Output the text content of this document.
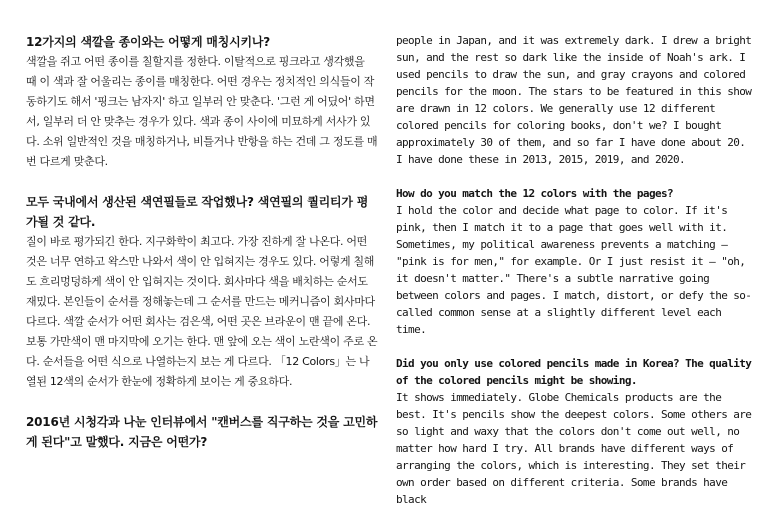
12가지의 색깔을 종이와는 어떻게 매칭시키나?

색깔을 쥐고 어떤 종이를 칠할지를 정한다. 이탈적으로 핑크라고 생각했을 때 이 색과 잘 어울리는 종이를 매칭한다. 어떤 경우는 정치적인 의식들이 작동하기도 해서 '핑크는 남자지' 하고 일부러 안 맞춘다. '그런 게 어딨어' 하면서, 일부러 더 안 맞추는 경우가 있다. 색과 종이 사이에 미묘하게 서사가 있다. 소위 일반적인 것을 매칭하거나, 비틀거나 반항을 하는 건데 그 정도를 매번 다르게 맞춘다.

모두 국내에서 생산된 색연필들로 작업했나? 색연필의 퀄리티가 평가될 것 같다.

질이 바로 평가되긴 한다. 지구화학이 최고다. 가장 진하게 잘 나온다. 어떤 것은 너무 연하고 왁스만 나와서 색이 안 입혀지는 경우도 있다. 어렇게 칠해도 흐리멍덩하게 색이 안 입혀지는 것이다. 회사마다 색을 배치하는 순서도 재밌다. 본인들이 순서를 정해놓는데 그 순서를 만드는 메커니즘이 회사마다 다르다. 색깔 순서가 어떤 회사는 검은색, 어떤 곳은 브라운이 맨 끝에 온다. 보통 가만색이 맨 마지막에 오기는 한다. 맨 앞에 오는 색이 노란색이 주로 온다. 순서들을 어떤 식으로 나열하는지 보는 게 다르다. 「12 Colors」는 나열된 12색의 순서가 한눈에 정확하게 보이는 게 중요하다.

2016년 시청각과 나눈 인터뷰에서 "캔버스를 직구하는 것을 고민하게 된다"고 말했다. 지금은 어떤가?

people in Japan, and it was extremely dark. I drew a bright sun, and the rest so dark like the inside of Noah's ark. I used pencils to draw the sun, and gray crayons and colored pencils for the moon. The stars to be featured in this show are drawn in 12 colors. We generally use 12 different colored pencils for coloring books, don't we? I bought approximately 30 of them, and so far I have done about 20. I have done these in 2013, 2015, 2019, and 2020.

How do you match the 12 colors with the pages?

I hold the color and decide what page to color. If it's pink, then I match it to a page that goes well with it. Sometimes, my political awareness prevents a matching — "pink is for men," for example. Or I just resist it — "oh, it doesn't matter." There's a subtle narrative going between colors and pages. I match, distort, or defy the so-called common sense at a slightly different level each time.

Did you only use colored pencils made in Korea? The quality of the colored pencils might be showing.

It shows immediately. Globe Chemicals products are the best. It's pencils show the deepest colors. Some others are so light and waxy that the colors don't come out well, no matter how hard I try. All brands have different ways of arranging the colors, which is interesting. They set their own order based on different criteria. Some brands have black
